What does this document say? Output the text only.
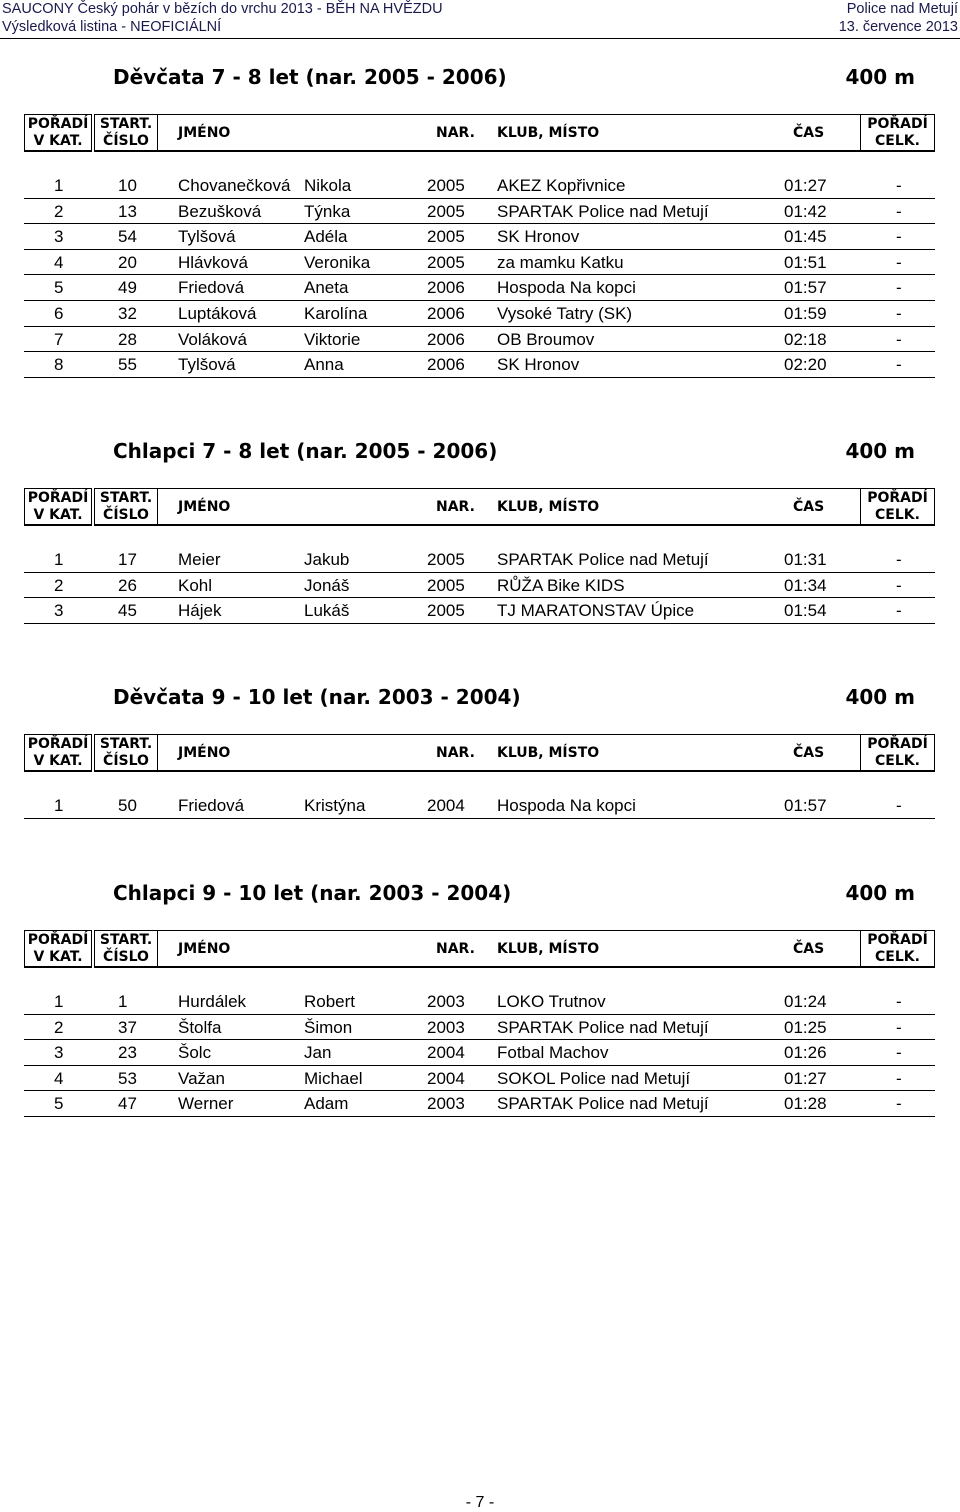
SAUCONY Český pohár v bězích do vrchu 2013 - BĚH NA HVĚZDU	Police nad Metují
Výsledková listina - NEOFICIÁLNÍ	13. července 2013
Děvčata 7 - 8 let (nar. 2005 - 2006)	400 m
POŘADÍ
V KAT.
START.
ČÍSLO JMÉNO	NAR. KLUB, MÍSTO	ČAS
POŘADÍ
CELK.
1	10 Chovanečková Nikola	2005 AKEZ Kopřivnice	01:27	-
2	13 Bezušková	Týnka	2005 SPARTAK Police nad Metují	01:42	-
3	54 Tylšová	Adéla	2005 SK Hronov	01:45	-
4	20 Hlávková	Veronika	2005 za mamku Katku	01:51	-
5	49 Friedová	Aneta	2006 Hospoda Na kopci	01:57	-
6	32 Luptáková	Karolína	2006 Vysoké Tatry (SK)	01:59	-
7	28 Voláková	Viktorie	2006 OB Broumov	02:18	-
8	55 Tylšová	Anna	2006 SK Hronov	02:20	-
Chlapci 7 - 8 let (nar. 2005 - 2006)	400 m
POŘADÍ
V KAT.
START.
ČÍSLO JMÉNO	NAR. KLUB, MÍSTO	ČAS
POŘADÍ
CELK.
1	17 Meier	Jakub	2005 SPARTAK Police nad Metují	01:31	-
2	26 Kohl	Jonáš	2005 RŮŽA Bike KIDS	01:34	-
3	45 Hájek	Lukáš	2005 TJ MARATONSTAV Úpice	01:54	-
Děvčata 9 - 10 let (nar. 2003 - 2004)	400 m
POŘADÍ
V KAT.
START.
ČÍSLO JMÉNO	NAR. KLUB, MÍSTO	ČAS
POŘADÍ
CELK.
1	50 Friedová	Kristýna	2004 Hospoda Na kopci	01:57	-
Chlapci 9 - 10 let (nar. 2003 - 2004)	400 m
POŘADÍ
V KAT.
START.
ČÍSLO JMÉNO	NAR. KLUB, MÍSTO	ČAS
POŘADÍ
CELK.
1	1	Hurdálek	Robert	2003 LOKO Trutnov	01:24	-
2	37 Štolfa	Šimon	2003 SPARTAK Police nad Metují	01:25	-
3	23 Šolc	Jan	2004 Fotbal Machov	01:26	-
4	53 Važan	Michael	2004 SOKOL Police nad Metují	01:27	-
5	47 Werner	Adam	2003 SPARTAK Police nad Metují	01:28	-
- 7 -
